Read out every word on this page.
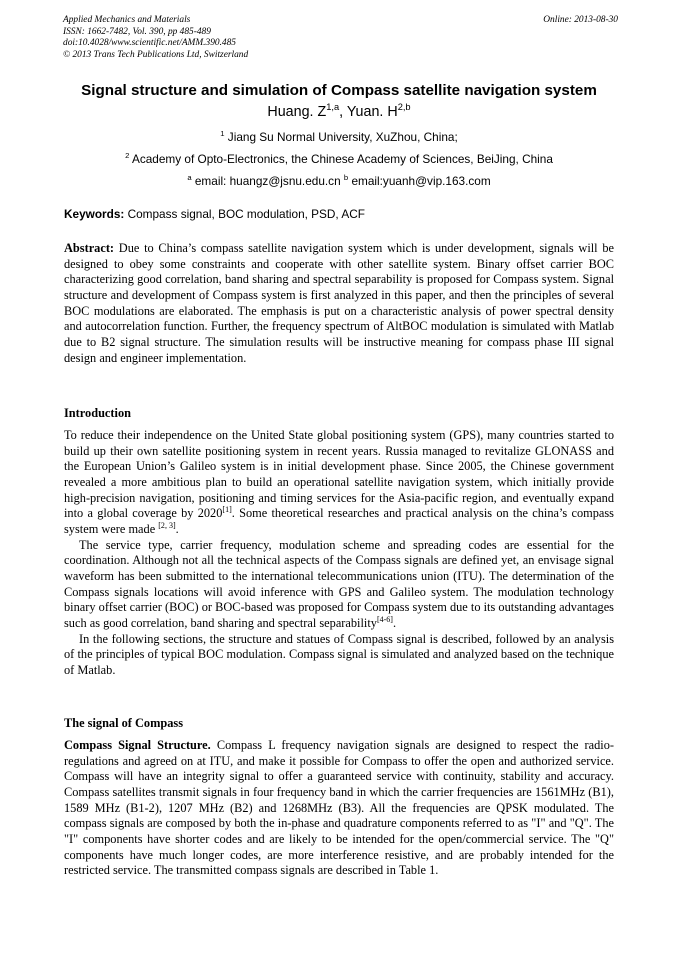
Applied Mechanics and Materials
ISSN: 1662-7482, Vol. 390, pp 485-489
doi:10.4028/www.scientific.net/AMM.390.485
© 2013 Trans Tech Publications Ltd, Switzerland
Online: 2013-08-30
Signal structure and simulation of Compass satellite navigation system
Huang. Z$^{1,a}$, Yuan. H$^{2,b}$
$^1$ Jiang Su Normal University, XuZhou, China;
$^2$ Academy of Opto-Electronics, the Chinese Academy of Sciences, BeiJing, China
$^a$ email: huangz@jsnu.edu.cn $^b$ email:yuanh@vip.163.com
Keywords: Compass signal, BOC modulation, PSD, ACF

Abstract: Due to China’s compass satellite navigation system which is under development, signals will be designed to obey some constraints and cooperate with other satellite system. Binary offset carrier BOC characterizing good correlation, band sharing and spectral separability is proposed for Compass system. Signal structure and development of Compass system is first analyzed in this paper, and then the principles of several BOC modulations are elaborated. The emphasis is put on a characteristic analysis of power spectral density and autocorrelation function. Further, the frequency spectrum of AltBOC modulation is simulated with Matlab due to B2 signal structure. The simulation results will be instructive meaning for compass phase III signal design and engineer implementation.

Introduction

To reduce their independence on the United State global positioning system (GPS), many countries started to build up their own satellite positioning system in recent years. Russia managed to revitalize GLONASS and the European Union’s Galileo system is in initial development phase. Since 2005, the Chinese government revealed a more ambitious plan to build an operational satellite navigation system, which initially provide high-precision navigation, positioning and timing services for the Asia-pacific region, and eventually expand into a global coverage by 2020[1]. Some theoretical researches and practical analysis on the china’s compass system were made [2, 3].

The service type, carrier frequency, modulation scheme and spreading codes are essential for the coordination. Although not all the technical aspects of the Compass signals are defined yet, an envisage signal waveform has been submitted to the international telecommunications union (ITU). The determination of the Compass signals locations will avoid inference with GPS and Galileo system. The modulation technology binary offset carrier (BOC) or BOC-based was proposed for Compass system due to its outstanding advantages such as good correlation, band sharing and spectral separability[4-6].

In the following sections, the structure and statues of Compass signal is described, followed by an analysis of the principles of typical BOC modulation. Compass signal is simulated and analyzed based on the technique of Matlab.

The signal of Compass

Compass Signal Structure. Compass L frequency navigation signals are designed to respect the radio-regulations and agreed on at ITU, and make it possible for Compass to offer the open and authorized service. Compass will have an integrity signal to offer a guaranteed service with continuity, stability and accuracy. Compass satellites transmit signals in four frequency band in which the carrier frequencies are 1561MHz (B1), 1589 MHz (B1-2), 1207 MHz (B2) and 1268MHz (B3). All the frequencies are QPSK modulated. The compass signals are composed by both the in-phase and quadrature components referred to as "I" and "Q". The "I" components have shorter codes and are likely to be intended for the open/commercial service. The "Q" components have much longer codes, are more interference resistive, and are probably intended for the restricted service. The transmitted compass signals are described in Table 1.
